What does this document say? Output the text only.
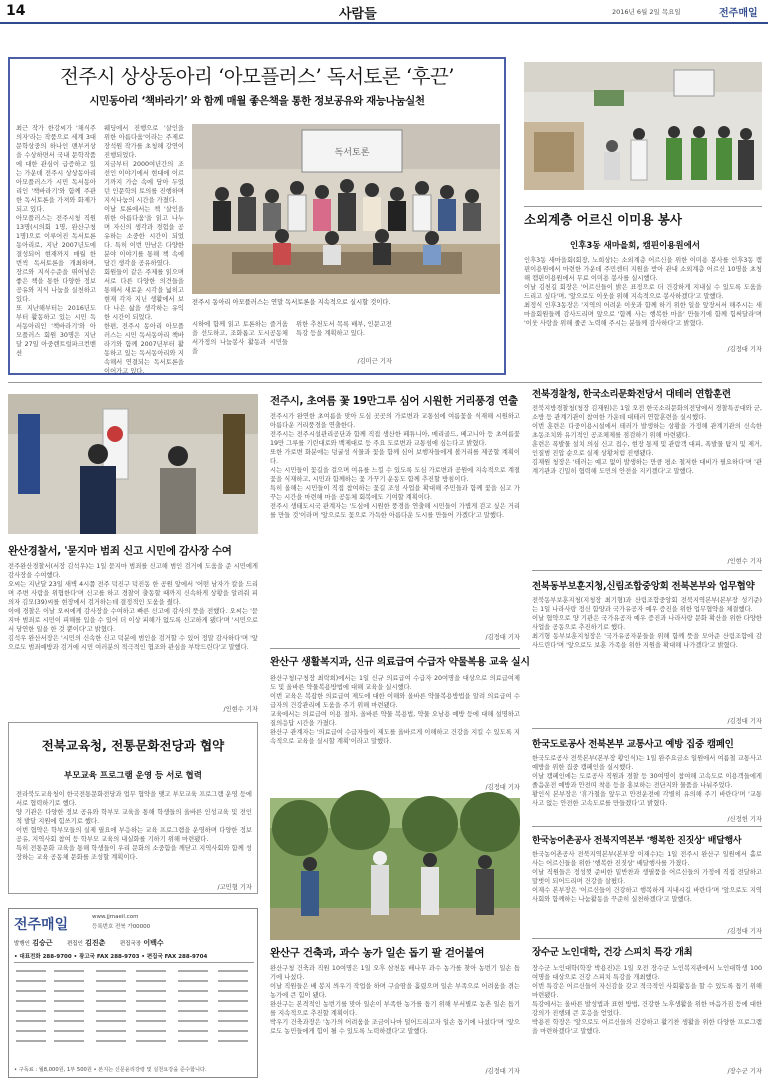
14	사람들	2016년 6월 2일 목요일	전주매일
전주시 상상동아리 ‘아모플러스’ 독서토론 ‘후끈’
시민동아리 ‘책바라기’ 와 함께 매월 좋은책을 통한 정보공유와 재능나눔실천
최근 작가 한강씨가 '채식주의자'라는 작품으로 세계 3대 문학상중의 하나인 맨부커상을 수상하면서 국내 문학작품에 대한 관심이 급증하고 있는 가운데 전주시 상상동아리 아모플러스가 시민 독서동아리인 '책바라기'와 함께 주관한 독서토론을 가져와 화제가 되고 있다.
아모플러스는 전주시청 직원 13명(시의회 1명, 완산구청 1명)으로 이루어진 독서토론 동아리로, 지난 2007년도에 결성되어 현재까지 매월 한 번씩 독서토론을 개최하며, 장르와 지식수준을 뛰어넘은 좋은 책을 통한 다양한 정보공유와 지식 나눔을 실천하고 있다.
또 지난해부터는 2016년도부터 활동하고 있는 시민 독서동아리인 '책바라기'와 아모플러스 회원 30명은 지난달 27일 아중렌트럴파크컨벤션
웨딩에서 진행으로 '살인을 위한 아름다움'이라는 주제로 장석원 작가를 초청해 강연이 진행되었다.
지금부터 2000여년간의 조선인 이야기에서 현대에 이르기까지 가슴 속에 담아 두었던 인문학의 토의를 진행하며 지식나눔의 시간을 가졌다.
이날 토론에서는 책 '살인을 위한 아름다움'을 읽고 나누며 자신의 생각과 경험을 공유하는 소중한 시간이 되었다. 특히 이번 만남은 다양한 분야 이야기를 통해 책 속에 담긴 생각을 공유하였다.
회원들이 같은 주제를 읽으며 서로 다른 다양한 의견들을 통해서 새로운 시각을 넓히고 현재 각자 지닌 생활에서 보다 나은 삶을 생각하는 유익한 시간이 되었다.
한편, 전주시 동아리 아모플러스는 시민 독서동아리 책바라기와 함께 2007년부터 활동하고 있는 독서동아리와 지속해서 연결되는 독서토론을 이어가고 있다.
독서토론
전주시 동아리 아모플러스는 연말 독서토론을 지속적으로 실시할 것이다.
시하에 함께 읽고 토론하는 즐거움을 선도하고, 조화롭고 도시공동체 서가정의 나눔봉사 활동과 시민들을
위한 추천도서 목록 배부, 인문고전 특강 등을 계획하고 있다.
/김미근 기자
소외계층 어르신 이미용 봉사
인후3동 새마을회, 캠핀이용원에서
인후3동 새마을회(회장, 노희상)는 소외계층 어르신을 위한 이미용 봉사를 인후3동 캠핀이용원에서 마련한 가운데 주민센터 지원을 받아 관내 소외계층 어르신 10명을 초청해 캠핀이용원에서 무료 이미용 봉사를 실시했다.
이날 김천길 회장은 '어르신들이 밝은 표정으로 더 건강하게 지내실 수 있도록 도움을 드리고 싶다'며, '앞으로도 이웃을 위해 지속적으로 봉사하겠다'고 말했다.
최정식 인후3동장은 '지역의 어려운 이웃과 함께 하기 위한 일을 앞장서서 해주시는 새마을회원들께 감사드리며 앞으로 '함께 사는 행복한 마을' 만들기에 함께 힘써달라'며 '이웃 사랑을 위해 줄곧 노력해 주시는 분들께 감사하다'고 밝혔다.
/김정대 기자
완산경찰서, '묻지마 범죄 신고 시민에 감사장 수여
전주완산경찰서(서장 김석우)는 1일 묻지마 범죄를 신고해 범인 검거에 도움을 준 시민에게 감사장을 수여했다.
오씨는 지난달 23일 새벽 4시쯤 전주 덕진구 덕진동 한 공원 앞에서 '어떤 남자가 칼을 드리며 주변 사람을 위협한다'며 신고를 하고 경찰이 출동할 때까지 신속하게 상황을 알려줘 피의자 김모(39)씨를 현장에서 검거하는데 결정적인 도움을 줬다.
이에 경찰은 이날 오씨에게 감사장을 수여하고 빠른 신고에 감사의 뜻을 전했다. 오씨는 '묻지마 범죄로 시민이 피해를 입을 수 있어 더 이상 피해가 없도록 신고하게 됐다'며 '시민으로서 당연한 일을 한 것 뿐이다'고 밝혔다.
김석우 완산서장은 '시민의 신속한 신고 덕분에 범인을 검거할 수 있어 정말 감사하다'며 '앞으로도 범죄예방과 검거에 시민 여러분의 적극적인 협조와 관심을 부탁드린다'고 말했다.
/인현수 기자
전북교육청, 전통문화전당과 협약
부모교육 프로그램 운영 등 서로 협력
전라북도교육청이 한국전통문화전당과 업무 협약을 맺고 부모교육 프로그램 운영 등에 서로 협력하기로 했다.
양 기관은 다양한 정보 공유와 학부모 교육을 통해 학생들의 올바른 인성교육 및 전인적 발달 지원에 힘쓰기로 했다.
이번 협약은 학부모들의 실제 필요에 부응하는 교육 프로그램을 운영하며 다양한 정보 공유, 지역사회 참여 등 학부모 교육의 내실화를 기하기 위해 마련됐다.
특히 전통문화 교육을 통해 학생들이 우리 문화의 소중함을 깨닫고 지역사회와 함께 성장하는 교육 공동체 문화를 조성할 계획이다.
/고민형 기자
전주매일	www.jjmaeil.com
등록번호 전북 가00000
발행인 김승근	편집인 김진춘	편집국장 이백수
• 대표전화 288-9700 • 광고국 FAX 288-9703 • 편집국 FAX 288-9704
• 구독료 : 월8,000원, 1부 500원 • 본지는 신문윤리강령 및 실천요강을 준수합니다.
전주시, 초여름 꽃 19만그루 심어 시원한 거리풍경 연출
전주시가 완연한 초여름을 맞아 도심 곳곳의 가로변과 교통섬에 여름꽃을 식재해 시원하고 아름다운 거리풍경을 연출한다.
전주시는 전주시설관리공단과 함께 직접 생산한 페튜니아, 메리골드, 베고니아 등 초여름꽃 19만 그루를 기린대로와 백제대로 등 주요 도로변과 교통섬에 심는다고 밝혔다.
또한 가로변 화분에는 덩굴성 식물과 꽃을 함께 심어 보행자들에게 볼거리를 제공할 계획이다.
시는 시민들이 꽃길을 걸으며 여유를 느낄 수 있도록 도심 가로변과 공원에 지속적으로 계절 꽃을 식재하고, 시민과 함께하는 꽃 가꾸기 운동도 함께 추진할 방침이다.
특히 올해는 시민들이 직접 참여하는 꽃길 조성 사업을 확대해 주민들과 함께 꽃을 심고 가꾸는 시간을 마련해 마을 공동체 회복에도 기여할 계획이다.
전주시 생태도시국 관계자는 '도심에 시원한 풍경을 연출해 시민들이 가볍게 걷고 싶은 거리를 만들 것'이라며 '앞으로도 꽃으로 가득한 아름다운 도시를 만들어 가겠다'고 말했다.
/김정대 기자
완산구 생활복지과, 신규 의료급여 수급자 약물복용 교육 실시
완산구청(구청장 최락희)에서는 1일 신규 의료급여 수급자 20여명을 대상으로 의료급여제도 및 올바른 약물복용방법에 대해 교육을 실시했다.
이번 교육은 복잡한 의료급여 제도에 대한 이해와 올바른 약물복용방법을 알려 의료급여 수급자의 건강관리에 도움을 주기 위해 마련됐다.
교육에서는 의료급여 이용 절차, 올바른 약물 복용법, 약물 오남용 예방 등에 대해 설명하고 질의응답 시간을 가졌다.
완산구 관계자는 '의료급여 수급자들이 제도를 올바르게 이해하고 건강을 지킬 수 있도록 지속적으로 교육을 실시할 계획'이라고 말했다.
/김정대 기자
완산구 건축과, 과수 농가 일손 돕기 팔 걷어붙여
완산구청 건축과 직원 10여명은 1일 오후 삼천동 배나무 과수 농가를 찾아 농번기 일손 돕기에 나섰다.
이날 직원들은 배 봉지 씌우기 작업을 하며 구슬땀을 흘렸으며 일손 부족으로 어려움을 겪는 농가에 큰 힘이 됐다.
완산구는 본격적인 농번기를 맞아 일손이 부족한 농가를 돕기 위해 부서별로 농촌 일손 돕기를 지속적으로 추진할 계획이다.
박우기 건축과장은 '농가의 어려움을 조금이나마 덜어드리고자 일손 돕기에 나섰다'며 '앞으로도 농민들에게 힘이 될 수 있도록 노력하겠다'고 말했다.
/김정대 기자
전북경찰청, 한국소리문화전당서 대테러 연합훈련
전북지방경찰청(청장 김재원)은 1일 오전 한국소리문화의전당에서 경찰특공대와 군, 소방 등 관계기관이 참여한 가운데 대테러 연합훈련을 실시했다.
이번 훈련은 다중이용시설에서 테러가 발생하는 상황을 가정해 관계기관의 신속한 초동조치와 유기적인 공조체제를 점검하기 위해 마련됐다.
훈련은 폭발물 설치 의심 신고 접수, 현장 통제 및 관람객 대피, 폭발물 탐지 및 제거, 인질범 진압 순으로 실제 상황처럼 진행됐다.
김재원 청장은 '테러는 예고 없이 발생하는 만큼 평소 철저한 대비가 필요하다'며 '관계기관과 긴밀히 협력해 도민의 안전을 지키겠다'고 말했다.
/인현수 기자
전북동부보훈지청,신림조합중앙회 전북본부와 업무협약
전북동부보훈지청(지청장 최기형)과 산림조합중앙회 전북지역본부(본부장 성기준)는 1일 나라사랑 정신 함양과 국가유공자 예우 증진을 위한 업무협약을 체결했다.
이날 협약으로 양 기관은 국가유공자 예우 증진과 나라사랑 문화 확산을 위한 다양한 사업을 공동으로 추진하기로 했다.
최기형 동부보훈지청장은 '국가유공자분들을 위해 함께 뜻을 모아준 산림조합에 감사드린다'며 '앞으로도 보훈 가족을 위한 지원을 확대해 나가겠다'고 밝혔다.
/김정대 기자
한국도로공사 전북본부 교통사고 예방 집중 캠페인
한국도로공사 전북본부(본부장 황인식)는 1일 완주요금소 일원에서 여름철 교통사고 예방을 위한 집중 캠페인을 실시했다.
이날 캠페인에는 도로공사 직원과 경찰 등 30여명이 참여해 고속도로 이용객들에게 졸음운전 예방과 안전띠 착용 등을 홍보하는 전단지와 물품을 나눠주었다.
황인식 본부장은 '휴가철을 앞두고 안전운전에 각별히 유의해 주기 바란다'며 '교통사고 없는 안전한 고속도로를 만들겠다'고 밝혔다.
/신정헌 기자
한국농어촌공사 전북지역본부 '행복한 진짓상' 배달행사
한국농어촌공사 전북지역본부(본부장 이재수)는 1일 전주시 완산구 일원에서 홀로 사는 어르신들을 위한 '행복한 진짓상' 배달행사를 가졌다.
이날 직원들은 정성껏 준비한 밑반찬과 생필품을 어르신들의 가정에 직접 전달하고 말벗이 되어드리며 건강을 살폈다.
이재수 본부장은 '어르신들이 건강하고 행복하게 지내시길 바란다'며 '앞으로도 지역사회와 함께하는 나눔활동을 꾸준히 실천하겠다'고 말했다.
/김정대 기자
장수군 노인대학, 건강 스피치 특강 개최
장수군 노인대학(학장 박용진)은 1일 오전 장수군 노인복지관에서 노인대학생 100여명을 대상으로 건강 스피치 특강을 개최했다.
이번 특강은 어르신들이 자신감을 갖고 적극적인 사회활동을 할 수 있도록 돕기 위해 마련됐다.
특강에서는 올바른 발성법과 표현 방법, 건강한 노후생활을 위한 마음가짐 등에 대한 강의가 진행돼 큰 호응을 얻었다.
박용진 학장은 '앞으로도 어르신들의 건강하고 활기찬 생활을 위한 다양한 프로그램을 마련하겠다'고 말했다.
/장수군 기자
